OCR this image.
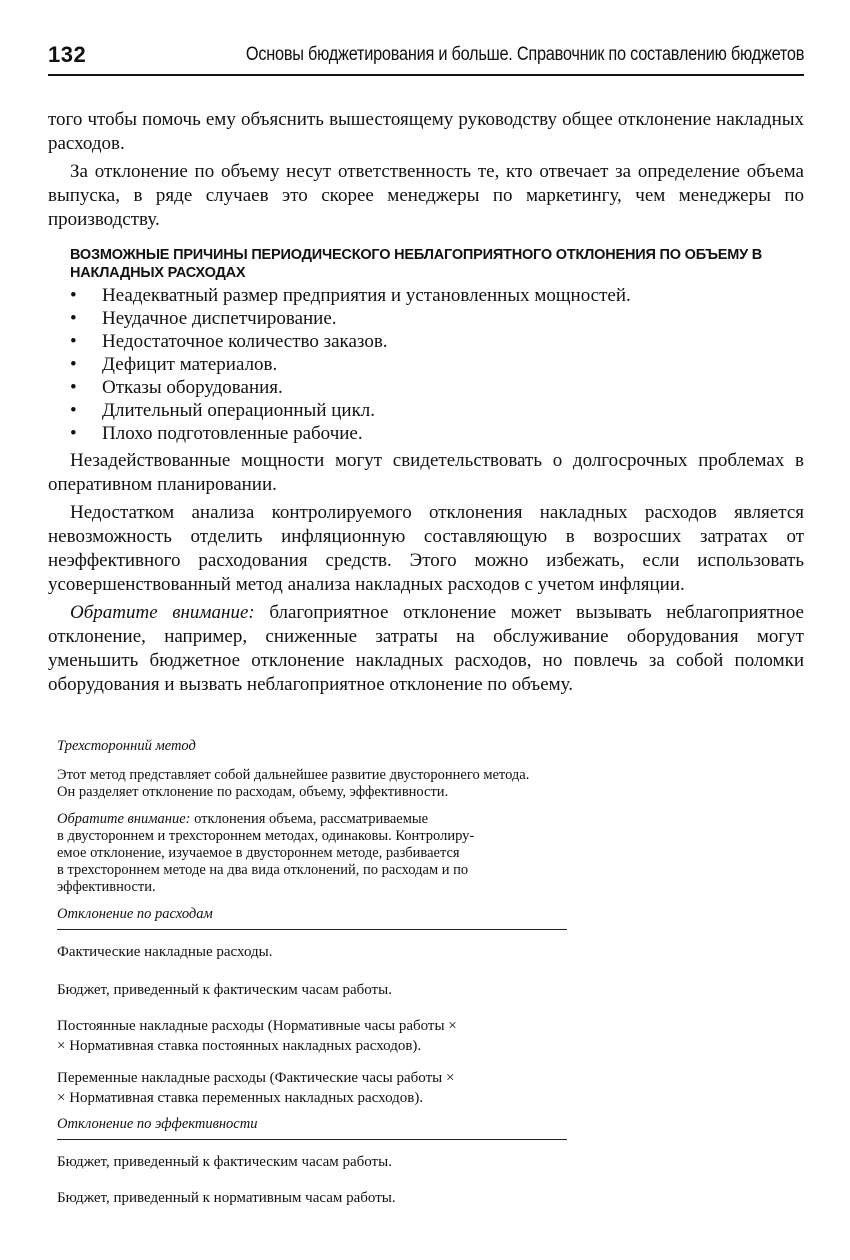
132	Основы бюджетирования и больше. Справочник по составлению бюджетов

того чтобы помочь ему объяснить вышестоящему руководству общее отклонение накладных расходов.

За отклонение по объему несут ответственность те, кто отвечает за определение объема выпуска, в ряде случаев это скорее менеджеры по маркетингу, чем менеджеры по производству.

ВОЗМОЖНЫЕ ПРИЧИНЫ ПЕРИОДИЧЕСКОГО НЕБЛАГОПРИЯТНОГО ОТКЛОНЕНИЯ ПО ОБЪЕМУ В НАКЛАДНЫХ РАСХОДАХ
• Неадекватный размер предприятия и установленных мощностей.
• Неудачное диспетчирование.
• Недостаточное количество заказов.
• Дефицит материалов.
• Отказы оборудования.
• Длительный операционный цикл.
• Плохо подготовленные рабочие.

Незадействованные мощности могут свидетельствовать о долгосрочных проблемах в оперативном планировании.

Недостатком анализа контролируемого отклонения накладных расходов является невозможность отделить инфляционную составляющую в возросших затратах от неэффективного расходования средств. Этого можно избежать, если использовать усовершенствованный метод анализа накладных расходов с учетом инфляции.

Обратите внимание: благоприятное отклонение может вызывать неблагоприятное отклонение, например, сниженные затраты на обслуживание оборудования могут уменьшить бюджетное отклонение накладных расходов, но повлечь за собой поломки оборудования и вызвать неблагоприятное отклонение по объему.

Трехсторонний метод
Этот метод представляет собой дальнейшее развитие двустороннего метода.
Он разделяет отклонение по расходам, объему, эффективности.
Обратите внимание: отклонения объема, рассматриваемые
в двустороннем и трехстороннем методах, одинаковы. Контролиру-
емое отклонение, изучаемое в двустороннем методе, разбивается
в трехстороннем методе на два вида отклонений, по расходам и по
эффективности.
Отклонение по расходам
Фактические накладные расходы.
Бюджет, приведенный к фактическим часам работы.
Постоянные накладные расходы (Нормативные часы работы ×
× Нормативная ставка постоянных накладных расходов).
Переменные накладные расходы (Фактические часы работы ×
× Нормативная ставка переменных накладных расходов).
Отклонение по эффективности
Бюджет, приведенный к фактическим часам работы.
Бюджет, приведенный к нормативным часам работы.
